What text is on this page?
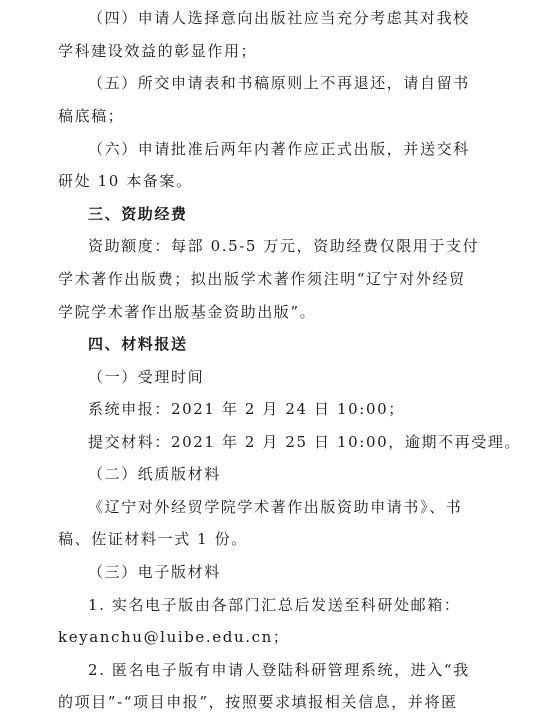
（四）申请人选择意向出版社应当充分考虑其对我校
学科建设效益的彰显作用；
（五）所交申请表和书稿原则上不再退还，请自留书
稿底稿；
（六）申请批准后两年内著作应正式出版，并送交科
研处 10 本备案。
三、资助经费
资助额度：每部 0.5-5 万元，资助经费仅限用于支付
学术著作出版费；拟出版学术著作须注明“辽宁对外经贸
学院学术著作出版基金资助出版”。
四、材料报送
（一）受理时间
系统申报：2021 年 2 月 24 日 10:00；
提交材料：2021 年 2 月 25 日 10:00，逾期不再受理。
（二）纸质版材料
《辽宁对外经贸学院学术著作出版资助申请书》、书
稿、佐证材料一式 1 份。
（三）电子版材料
1. 实名电子版由各部门汇总后发送至科研处邮箱：
keyanchu@luibe.edu.cn；
2. 匿名电子版有申请人登陆科研管理系统，进入“我
的项目”-“项目申报”，按照要求填报相关信息，并将匿
